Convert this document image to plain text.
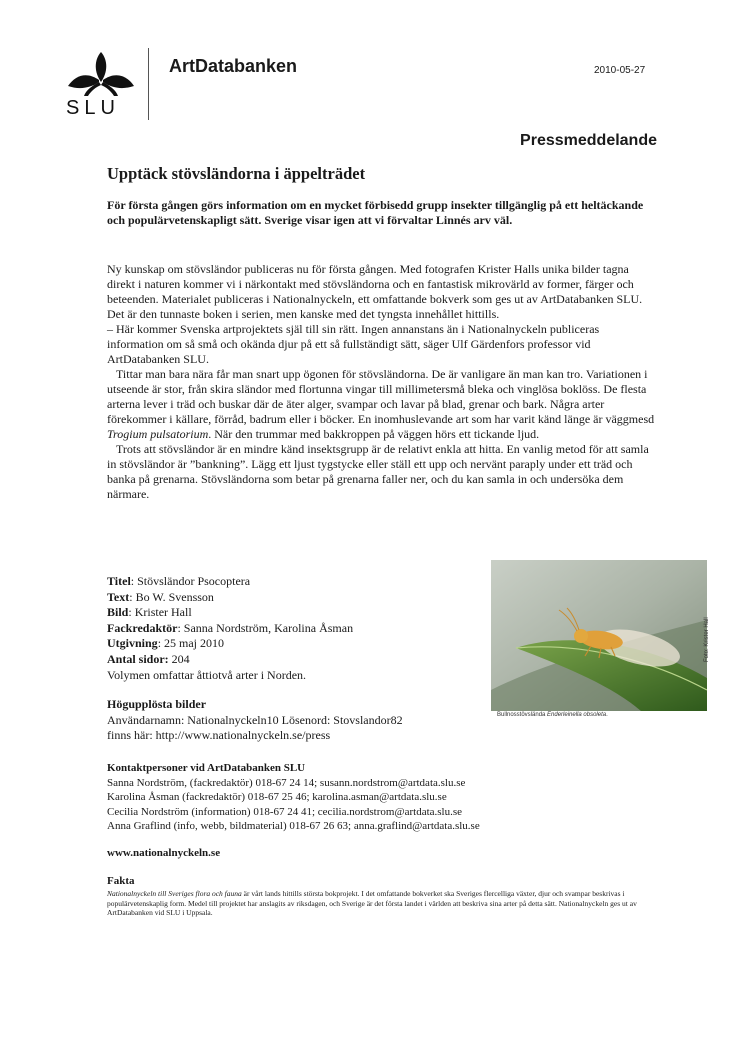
SLU
ArtDatabanken	2010-05-27
Pressmeddelande
Upptäck stövsländorna i äppelträdet
För första gången görs information om en mycket förbisedd grupp insekter tillgänglig på ett heltäckande och populärvetenskapligt sätt. Sverige visar igen att vi förvaltar Linnés arv väl.

Ny kunskap om stövsländor publiceras nu för första gången. Med fotografen Krister Halls unika bilder tagna direkt i naturen kommer vi i närkontakt med stövsländorna och en fantastisk mikrovärld av former, färger och beteenden. Materialet publiceras i Nationalnyckeln, ett omfattande bokverk som ges ut av ArtDatabanken SLU. Det är den tunnaste boken i serien, men kanske med det tyngsta innehållet hittills.

– Här kommer Svenska artprojektets själ till sin rätt. Ingen annanstans än i Nationalnyckeln publiceras information om så små och okända djur på ett så fullständigt sätt, säger Ulf Gärdenfors professor vid ArtDatabanken SLU.

Tittar man bara nära får man snart upp ögonen för stövsländorna. De är vanligare än man kan tro. Variationen i utseende är stor, från skira sländor med flortunna vingar till millimetersmå bleka och vinglösa boklöss. De flesta arterna lever i träd och buskar där de äter alger, svampar och lavar på blad, grenar och bark. Några arter förekommer i källare, förråd, badrum eller i böcker. En inomhuslevande art som har varit känd länge är väggmesd Trogium pulsatorium. När den trummar med bakkroppen på väggen hörs ett tickande ljud.

Trots att stövsländor är en mindre känd insektsgrupp är de relativt enkla att hitta. En vanlig metod för att samla in stövsländor är ”bankning”. Lägg ett ljust tygstycke eller ställ ett upp och nervänt paraply under ett träd och banka på grenarna. Stövsländorna som betar på grenarna faller ner, och du kan samla in och undersöka dem närmare.

Titel: Stövsländor Psocoptera
Text: Bo W. Svensson
Bild: Krister Hall
Fackredaktör: Sanna Nordström, Karolina Åsman
Utgivning: 25 maj 2010
Antal sidor: 204
Volymen omfattar åttiotvå arter i Norden.
Bullnosstövslända Enderleinella obsoleta.
Foto: Krister Hall
Högupplösta bilder
Användarnamn: Nationalnyckeln10 Lösenord: Stovslandor82
finns här: http://www.nationalnyckeln.se/press
Kontaktpersoner vid ArtDatabanken SLU
Sanna Nordström, (fackredaktör) 018-67 24 14; susann.nordstrom@artdata.slu.se
Karolina Åsman (fackredaktör) 018-67 25 46; karolina.asman@artdata.slu.se
Cecilia Nordström (information) 018-67 24 41; cecilia.nordstrom@artdata.slu.se
Anna Graflind (info, webb, bildmaterial) 018-67 26 63; anna.graflind@artdata.slu.se
www.nationalnyckeln.se
Fakta
Nationalnyckeln till Sveriges flora och fauna är vårt lands hittills största bokprojekt. I det omfattande bokverket ska Sveriges flercelliga växter, djur och svampar beskrivas i populärvetenskaplig form. Medel till projektet har anslagits av riksdagen, och Sverige är det första landet i världen att beskriva sina arter på detta sätt. Nationalnyckeln ges ut av ArtDatabanken vid SLU i Uppsala.
